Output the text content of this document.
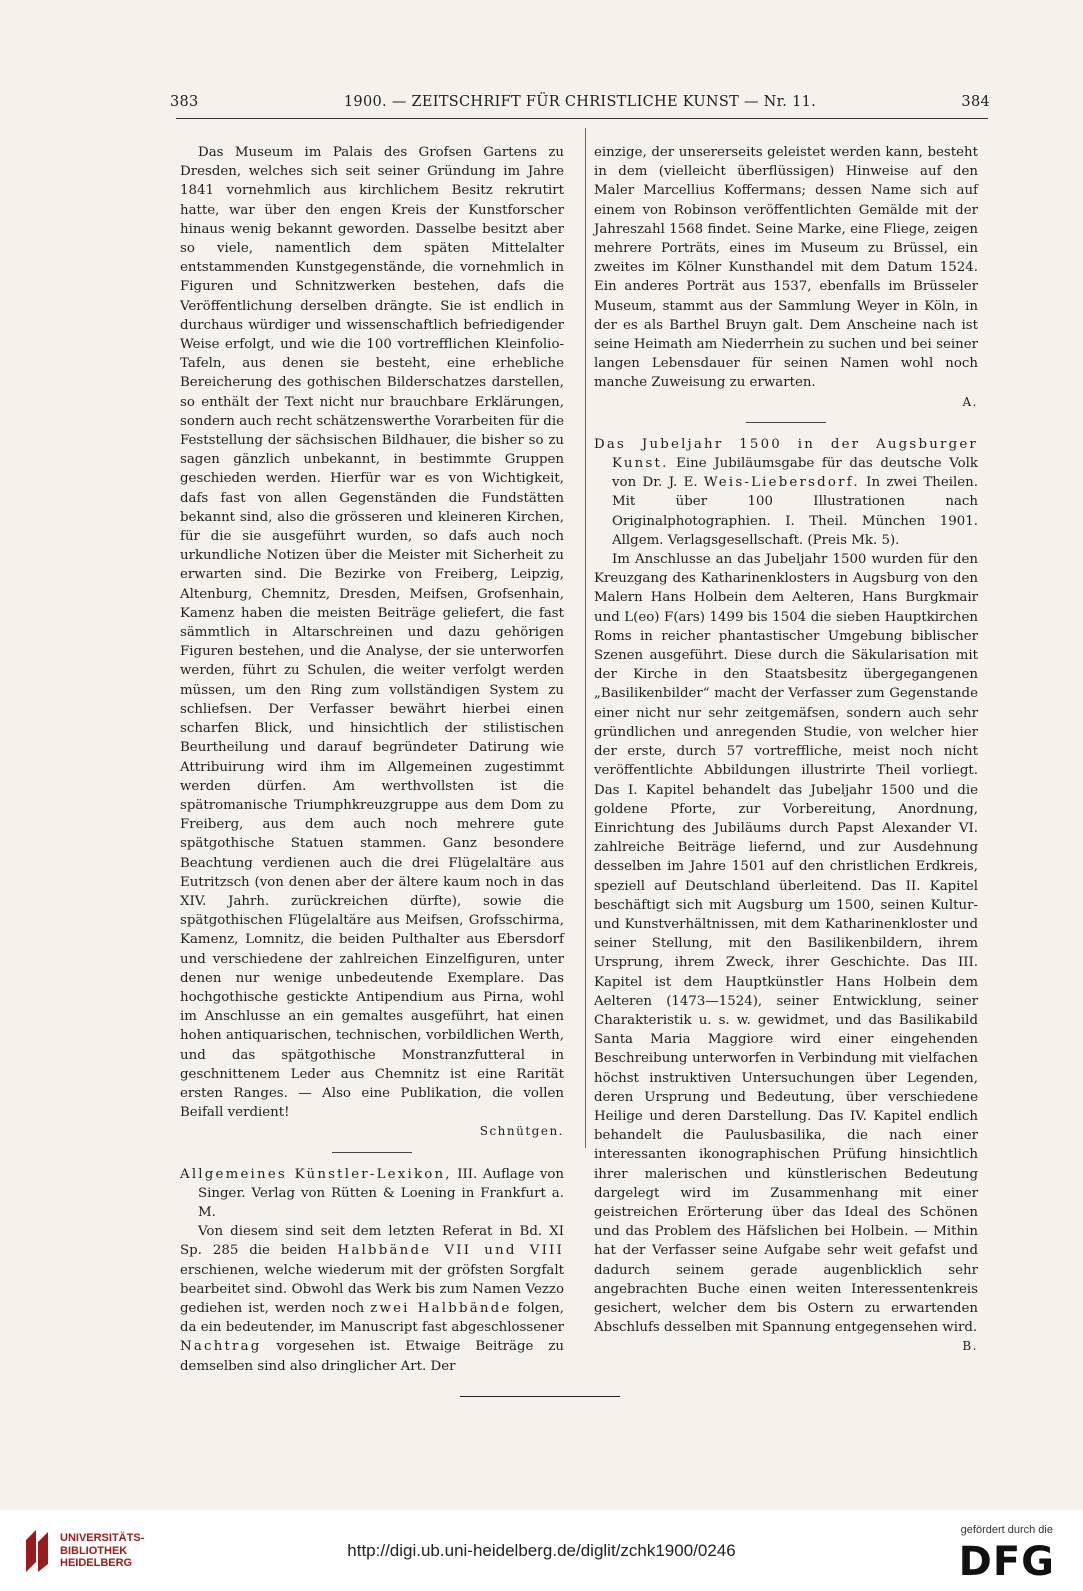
383	1900. — ZEITSCHRIFT FÜR CHRISTLICHE KUNST — Nr. 11.	384

Das Museum im Palais des Grofsen Gartens zu Dresden, welches sich seit seiner Gründung im Jahre 1841 vornehmlich aus kirchlichem Besitz rekrutirt hatte, war über den engen Kreis der Kunstforscher hinaus wenig bekannt geworden. Dasselbe besitzt aber so viele, namentlich dem späten Mittelalter entstammenden Kunstgegenstände, die vornehmlich in Figuren und Schnitzwerken bestehen, dafs die Veröffentlichung derselben drängte. Sie ist endlich in durchaus würdiger und wissenschaftlich befriedigender Weise erfolgt, und wie die 100 vortrefflichen Kleinfolio-Tafeln, aus denen sie besteht, eine erhebliche Bereicherung des gothischen Bilderschatzes darstellen, so enthält der Text nicht nur brauchbare Erklärungen, sondern auch recht schätzenswerthe Vorarbeiten für die Feststellung der sächsischen Bildhauer, die bisher so zu sagen gänzlich unbekannt, in bestimmte Gruppen geschieden werden. Hierfür war es von Wichtigkeit, dafs fast von allen Gegenständen die Fundstätten bekannt sind, also die grösseren und kleineren Kirchen, für die sie ausgeführt wurden, so dafs auch noch urkundliche Notizen über die Meister mit Sicherheit zu erwarten sind. Die Bezirke von Freiberg, Leipzig, Altenburg, Chemnitz, Dresden, Meifsen, Grofsenhain, Kamenz haben die meisten Beiträge geliefert, die fast sämmtlich in Altarschreinen und dazu gehörigen Figuren bestehen, und die Analyse, der sie unterworfen werden, führt zu Schulen, die weiter verfolgt werden müssen, um den Ring zum vollständigen System zu schliefsen. Der Verfasser bewährt hierbei einen scharfen Blick, und hinsichtlich der stilistischen Beurtheilung und darauf begründeter Datirung wie Attribuirung wird ihm im Allgemeinen zugestimmt werden dürfen. Am werthvollsten ist die spätromanische Triumphkreuzgruppe aus dem Dom zu Freiberg, aus dem auch noch mehrere gute spätgothische Statuen stammen. Ganz besondere Beachtung verdienen auch die drei Flügelaltäre aus Eutritzsch (von denen aber der ältere kaum noch in das XIV. Jahrh. zurückreichen dürfte), sowie die spätgothischen Flügelaltäre aus Meifsen, Grofsschirma, Kamenz, Lomnitz, die beiden Pulthalter aus Ebersdorf und verschiedene der zahlreichen Einzelfiguren, unter denen nur wenige unbedeutende Exemplare. Das hochgothische gestickte Antipendium aus Pirna, wohl im Anschlusse an ein gemaltes ausgeführt, hat einen hohen antiquarischen, technischen, vorbildlichen Werth, und das spätgothische Monstranzfutteral in geschnittenem Leder aus Chemnitz ist eine Rarität ersten Ranges. — Also eine Publikation, die vollen Beifall verdient!

Schnütgen.

Allgemeines Künstler-Lexikon, III. Auflage von Singer. Verlag von Rütten & Loening in Frankfurt a. M.

Von diesem sind seit dem letzten Referat in Bd. XI Sp. 285 die beiden Halbbände VII und VIII erschienen, welche wiederum mit der gröfsten Sorgfalt bearbeitet sind. Obwohl das Werk bis zum Namen Vezzo gediehen ist, werden noch zwei Halbbände folgen, da ein bedeutender, im Manuscript fast abgeschlossener Nachtrag vorgesehen ist. Etwaige Beiträge zu demselben sind also dringlicher Art. Der

einzige, der unsererseits geleistet werden kann, besteht in dem (vielleicht überflüssigen) Hinweise auf den Maler Marcellius Koffermans; dessen Name sich auf einem von Robinson veröffentlichten Gemälde mit der Jahreszahl 1568 findet. Seine Marke, eine Fliege, zeigen mehrere Porträts, eines im Museum zu Brüssel, ein zweites im Kölner Kunsthandel mit dem Datum 1524. Ein anderes Porträt aus 1537, ebenfalls im Brüsseler Museum, stammt aus der Sammlung Weyer in Köln, in der es als Barthel Bruyn galt. Dem Anscheine nach ist seine Heimath am Niederrhein zu suchen und bei seiner langen Lebensdauer für seinen Namen wohl noch manche Zuweisung zu erwarten.

A.

Das Jubeljahr 1500 in der Augsburger Kunst. Eine Jubiläumsgabe für das deutsche Volk von Dr. J. E. Weis-Liebersdorf. In zwei Theilen. Mit über 100 Illustrationen nach Originalphotographien. I. Theil. München 1901. Allgem. Verlagsgesellschaft. (Preis Mk. 5).

Im Anschlusse an das Jubeljahr 1500 wurden für den Kreuzgang des Katharinenklosters in Augsburg von den Malern Hans Holbein dem Aelteren, Hans Burgkmair und L(eo) F(ars) 1499 bis 1504 die sieben Hauptkirchen Roms in reicher phantastischer Umgebung biblischer Szenen ausgeführt. Diese durch die Säkularisation mit der Kirche in den Staatsbesitz übergegangenen „Basilikenbilder“ macht der Verfasser zum Gegenstande einer nicht nur sehr zeitgemäfsen, sondern auch sehr gründlichen und anregenden Studie, von welcher hier der erste, durch 57 vortreffliche, meist noch nicht veröffentlichte Abbildungen illustrirte Theil vorliegt. Das I. Kapitel behandelt das Jubeljahr 1500 und die goldene Pforte, zur Vorbereitung, Anordnung, Einrichtung des Jubiläums durch Papst Alexander VI. zahlreiche Beiträge liefernd, und zur Ausdehnung desselben im Jahre 1501 auf den christlichen Erdkreis, speziell auf Deutschland überleitend. Das II. Kapitel beschäftigt sich mit Augsburg um 1500, seinen Kultur- und Kunstverhältnissen, mit dem Katharinenkloster und seiner Stellung, mit den Basilikenbildern, ihrem Ursprung, ihrem Zweck, ihrer Geschichte. Das III. Kapitel ist dem Hauptkünstler Hans Holbein dem Aelteren (1473—1524), seiner Entwicklung, seiner Charakteristik u. s. w. gewidmet, und das Basilikabild Santa Maria Maggiore wird einer eingehenden Beschreibung unterworfen in Verbindung mit vielfachen höchst instruktiven Untersuchungen über Legenden, deren Ursprung und Bedeutung, über verschiedene Heilige und deren Darstellung. Das IV. Kapitel endlich behandelt die Paulusbasilika, die nach einer interessanten ikonographischen Prüfung hinsichtlich ihrer malerischen und künstlerischen Bedeutung dargelegt wird im Zusammenhang mit einer geistreichen Erörterung über das Ideal des Schönen und das Problem des Häfslichen bei Holbein. — Mithin hat der Verfasser seine Aufgabe sehr weit gefafst und dadurch seinem gerade augenblicklich sehr angebrachten Buche einen weiten Interessentenkreis gesichert, welcher dem bis Ostern zu erwartenden Abschlufs desselben mit Spannung entgegensehen wird.

B.
UNIVERSITÄTS-
BIBLIOTHEK
HEIDELBERG
http://digi.ub.uni-heidelberg.de/diglit/zchk1900/0246
gefördert durch die
DFG
